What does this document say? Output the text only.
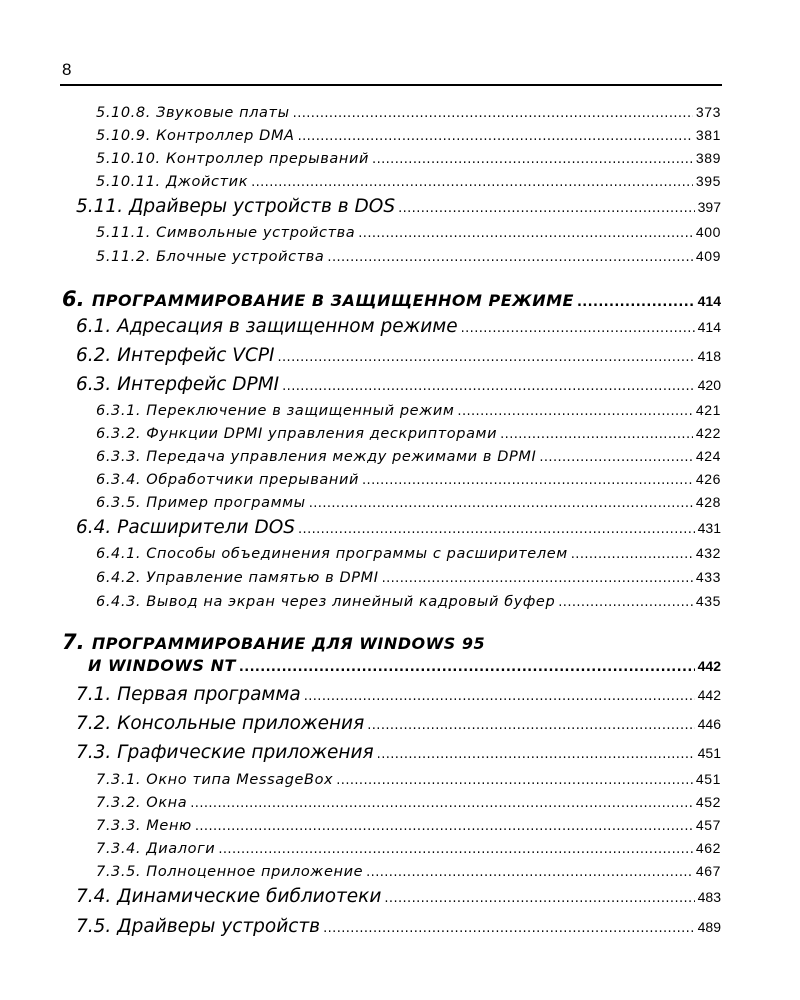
8
5.10.8. Звуковые платы .....	373
5.10.9. Контроллер DMA .....	381
5.10.10. Контроллер прерываний .....	389
5.10.11. Джойстик .....	395
5.11. Драйверы устройств в DOS .....	397
5.11.1. Символьные устройства .....	400
5.11.2. Блочные устройства .....	409
6. ПРОГРАММИРОВАНИЕ В ЗАЩИЩЕННОМ РЕЖИМЕ .....	414
6.1. Адресация в защищенном режиме .....	414
6.2. Интерфейс VCPI .....	418
6.3. Интерфейс DPMI .....	420
6.3.1. Переключение в защищенный режим .....	421
6.3.2. Функции DPMI управления дескрипторами .....	422
6.3.3. Передача управления между режимами в DPMI .....	424
6.3.4. Обработчики прерываний .....	426
6.3.5. Пример программы .....	428
6.4. Расширители DOS .....	431
6.4.1. Способы объединения программы с расширителем .....	432
6.4.2. Управление памятью в DPMI .....	433
6.4.3. Вывод на экран через линейный кадровый буфер .....	435
7. ПРОГРАММИРОВАНИЕ ДЛЯ WINDOWS 95
И WINDOWS NT .....	442
7.1. Первая программа .....	442
7.2. Консольные приложения .....	446
7.3. Графические приложения .....	451
7.3.1. Окно типа MessageBox .....	451
7.3.2. Окна .....	452
7.3.3. Меню .....	457
7.3.4. Диалоги .....	462
7.3.5. Полноценное приложение .....	467
7.4. Динамические библиотеки .....	483
7.5. Драйверы устройств .....	489
